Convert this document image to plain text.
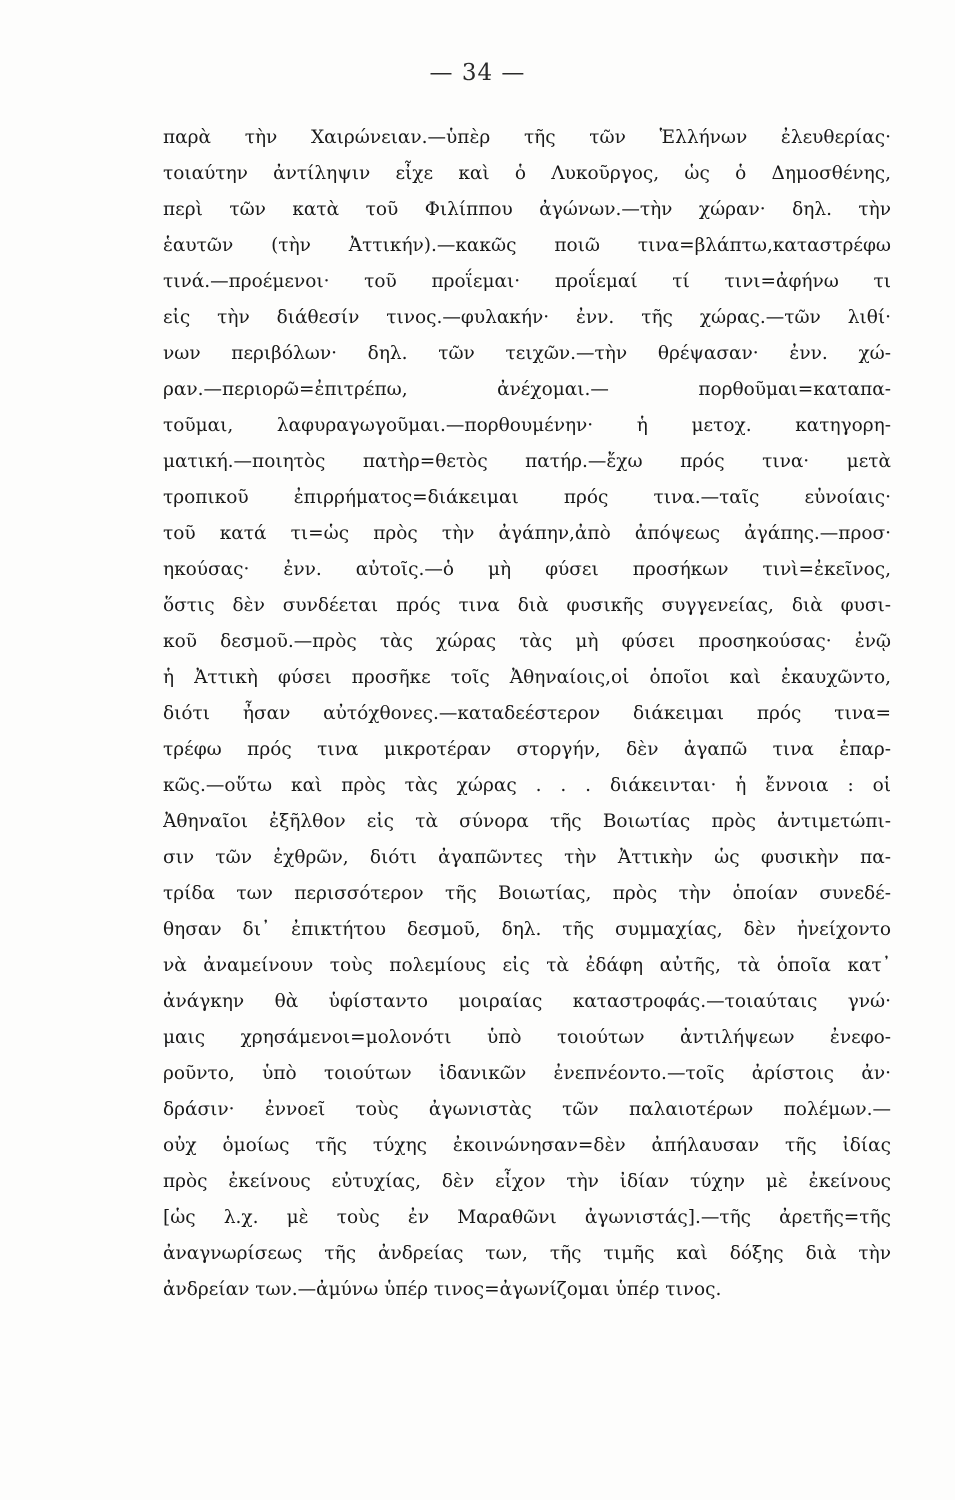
— 34 —
παρὰ τὴν Χαιρώνειαν.—ὑπὲρ τῆς τῶν Ἑλλήνων ἐλευθερίας·
τοιαύτην ἀντίληψιν εἶχε καὶ ὁ Λυκοῦργος, ὡς ὁ Δημοσθένης,
περὶ τῶν κατὰ τοῦ Φιλίππου ἀγώνων.—τὴν χώραν· δηλ. τὴν
ἑαυτῶν (τὴν Ἀττικήν).—κακῶς ποιῶ τινα=βλάπτω,καταστρέφω
τινά.—προέμενοι· τοῦ προΐεμαι· προΐεμαί τί τινι=ἀφήνω τι
εἰς τὴν διάθεσίν τινος.—φυλακήν· ἐνν. τῆς χώρας.—τῶν λιθί·
νων περιβόλων· δηλ. τῶν τειχῶν.—τὴν θρέψασαν· ἐνν. χώ-
ραν.—περιορῶ=ἐπιτρέπω, ἀνέχομαι.— πορθοῦμαι=καταπα-
τοῦμαι, λαφυραγωγοῦμαι.—πορθουμένην· ἡ μετοχ. κατηγορη-
ματική.—ποιητὸς πατὴρ=θετὸς πατήρ.—ἔχω πρός τινα· μετὰ
τροπικοῦ ἐπιρρήματος=διάκειμαι πρός τινα.—ταῖς εὐνοίαις·
τοῦ κατά τι=ὡς πρὸς τὴν ἀγάπην,ἀπὸ ἀπόψεως ἀγάπης.—προσ·
ηκούσας· ἐνν. αὐτοῖς.—ὁ μὴ φύσει προσήκων τινὶ=ἐκεῖνος,
ὅστις δὲν συνδέεται πρός τινα διὰ φυσικῆς συγγενείας, διὰ φυσι-
κοῦ δεσμοῦ.—πρὸς τὰς χώρας τὰς μὴ φύσει προσηκούσας· ἐνῷ
ἡ Ἀττικὴ φύσει προσῆκε τοῖς Ἀθηναίοις,οἱ ὁποῖοι καὶ ἐκαυχῶντο,
διότι ἦσαν αὐτόχθονες.—καταδεέστερον διάκειμαι πρός τινα=
τρέφω πρός τινα μικροτέραν στοργήν, δὲν ἀγαπῶ τινα ἐπαρ-
κῶς.—οὕτω καὶ πρὸς τὰς χώρας . . . διάκεινται· ἡ ἔννοια : οἱ
Ἀθηναῖοι ἐξῆλθον εἰς τὰ σύνορα τῆς Βοιωτίας πρὸς ἀντιμετώπι-
σιν τῶν ἐχθρῶν, διότι ἀγαπῶντες τὴν Ἀττικὴν ὡς φυσικὴν πα-
τρίδα των περισσότερον τῆς Βοιωτίας, πρὸς τὴν ὁποίαν συνεδέ-
θησαν δι᾽ ἐπικτήτου δεσμοῦ, δηλ. τῆς συμμαχίας, δὲν ἠνείχοντο
νὰ ἀναμείνουν τοὺς πολεμίους εἰς τὰ ἐδάφη αὐτῆς, τὰ ὁποῖα κατ᾽
ἀνάγκην θὰ ὑφίσταντο μοιραίας καταστροφάς.—τοιαύταις γνώ·
μαις χρησάμενοι=μολονότι ὑπὸ τοιούτων ἀντιλήψεων ἐνεφο-
ροῦντο, ὑπὸ τοιούτων ἰδανικῶν ἐνεπνέοντο.—τοῖς ἀρίστοις ἀν·
δράσιν· ἐννοεῖ τοὺς ἀγωνιστὰς τῶν παλαιοτέρων πολέμων.—
οὐχ ὁμοίως τῆς τύχης ἐκοινώνησαν=δὲν ἀπήλαυσαν τῆς ἰδίας
πρὸς ἐκείνους εὐτυχίας, δὲν εἶχον τὴν ἰδίαν τύχην μὲ ἐκείνους
[ὡς λ.χ. μὲ τοὺς ἐν Μαραθῶνι ἀγωνιστάς].—τῆς ἀρετῆς=τῆς
ἀναγνωρίσεως τῆς ἀνδρείας των, τῆς τιμῆς καὶ δόξης διὰ τὴν
ἀνδρείαν των.—ἀμύνω ὑπέρ τινος=ἀγωνίζομαι ὑπέρ τινος.
